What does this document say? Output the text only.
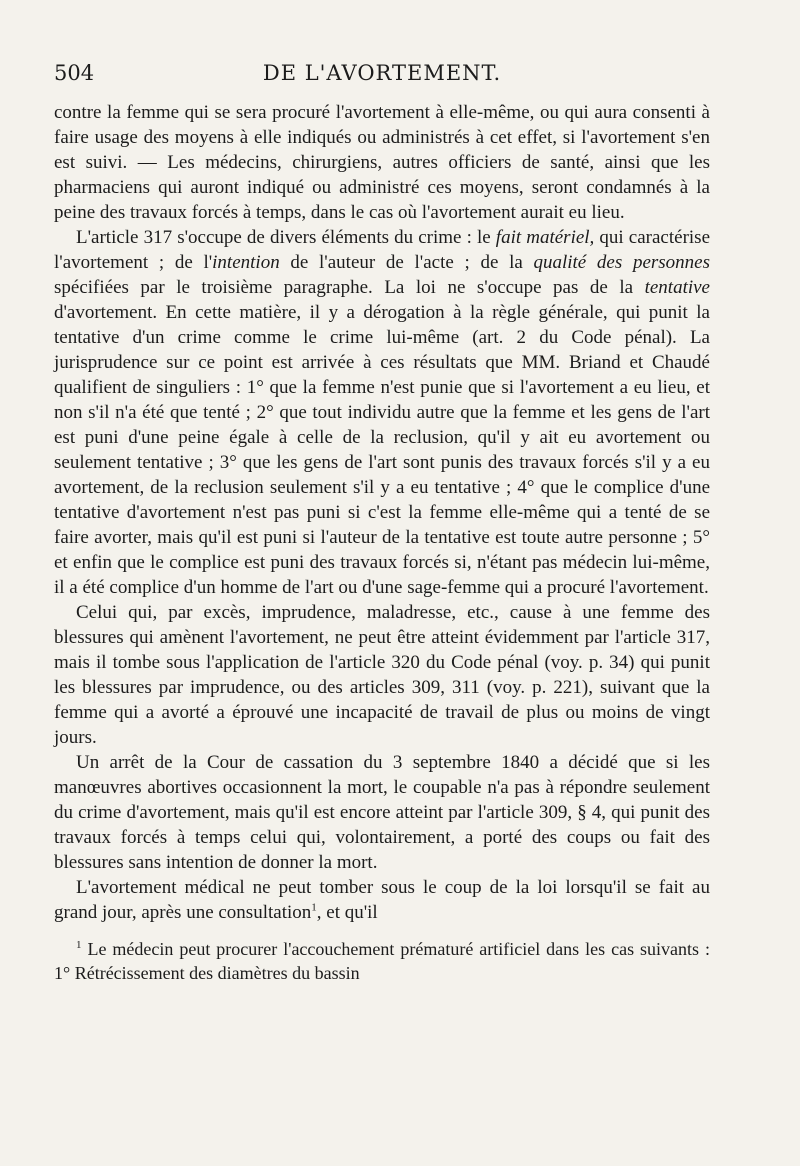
504	DE L'AVORTEMENT.

contre la femme qui se sera procuré l'avortement à elle-même, ou qui aura consenti à faire usage des moyens à elle indiqués ou administrés à cet effet, si l'avortement s'en est suivi. — Les médecins, chirurgiens, autres officiers de santé, ainsi que les pharmaciens qui auront indiqué ou administré ces moyens, seront condamnés à la peine des travaux forcés à temps, dans le cas où l'avortement aurait eu lieu.

L'article 317 s'occupe de divers éléments du crime : le fait matériel, qui caractérise l'avortement ; de l'intention de l'auteur de l'acte ; de la qualité des personnes spécifiées par le troisième paragraphe. La loi ne s'occupe pas de la tentative d'avortement. En cette matière, il y a dérogation à la règle générale, qui punit la tentative d'un crime comme le crime lui-même (art. 2 du Code pénal). La jurisprudence sur ce point est arrivée à ces résultats que MM. Briand et Chaudé qualifient de singuliers : 1° que la femme n'est punie que si l'avortement a eu lieu, et non s'il n'a été que tenté ; 2° que tout individu autre que la femme et les gens de l'art est puni d'une peine égale à celle de la reclusion, qu'il y ait eu avortement ou seulement tentative ; 3° que les gens de l'art sont punis des travaux forcés s'il y a eu avortement, de la reclusion seulement s'il y a eu tentative ; 4° que le complice d'une tentative d'avortement n'est pas puni si c'est la femme elle-même qui a tenté de se faire avorter, mais qu'il est puni si l'auteur de la tentative est toute autre personne ; 5° et enfin que le complice est puni des travaux forcés si, n'étant pas médecin lui-même, il a été complice d'un homme de l'art ou d'une sage-femme qui a procuré l'avortement.

Celui qui, par excès, imprudence, maladresse, etc., cause à une femme des blessures qui amènent l'avortement, ne peut être atteint évidemment par l'article 317, mais il tombe sous l'application de l'article 320 du Code pénal (voy. p. 34) qui punit les blessures par imprudence, ou des articles 309, 311 (voy. p. 221), suivant que la femme qui a avorté a éprouvé une incapacité de travail de plus ou moins de vingt jours.

Un arrêt de la Cour de cassation du 3 septembre 1840 a décidé que si les manœuvres abortives occasionnent la mort, le coupable n'a pas à répondre seulement du crime d'avortement, mais qu'il est encore atteint par l'article 309, § 4, qui punit des travaux forcés à temps celui qui, volontairement, a porté des coups ou fait des blessures sans intention de donner la mort.

L'avortement médical ne peut tomber sous le coup de la loi lorsqu'il se fait au grand jour, après une consultation$^1$, et qu'il

$^1$ Le médecin peut procurer l'accouchement prématuré artificiel dans les cas suivants : 1° Rétrécissement des diamètres du bassin
